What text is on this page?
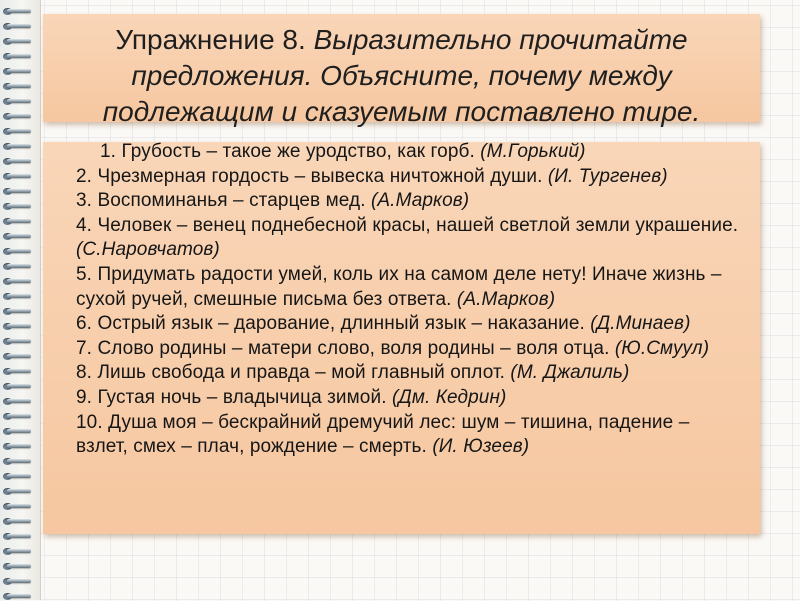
Упражнение 8. Выразительно прочитайте
предложения. Объясните, почему между
подлежащим и сказуемым поставлено тире.
1. Грубость – такое же уродство, как горб. (М.Горький)
2. Чрезмерная гордость – вывеска ничтожной души. (И. Тургенев)
3. Воспоминанья – старцев мед. (А.Марков)
4. Человек – венец поднебесной красы, нашей светлой земли украшение. (С.Наровчатов)
5. Придумать радости умей, коль их на самом деле нету! Иначе жизнь – сухой ручей, смешные письма без ответа. (А.Марков)
6. Острый язык – дарование, длинный язык – наказание. (Д.Минаев)
7. Слово родины – матери слово, воля родины – воля отца. (Ю.Смуул)
8. Лишь свобода и правда – мой главный оплот. (М. Джалиль)
9. Густая ночь – владычица зимой. (Дм. Кедрин)
10. Душа моя – бескрайний дремучий лес: шум – тишина, падение – взлет, смех – плач, рождение – смерть. (И. Юзеев)
